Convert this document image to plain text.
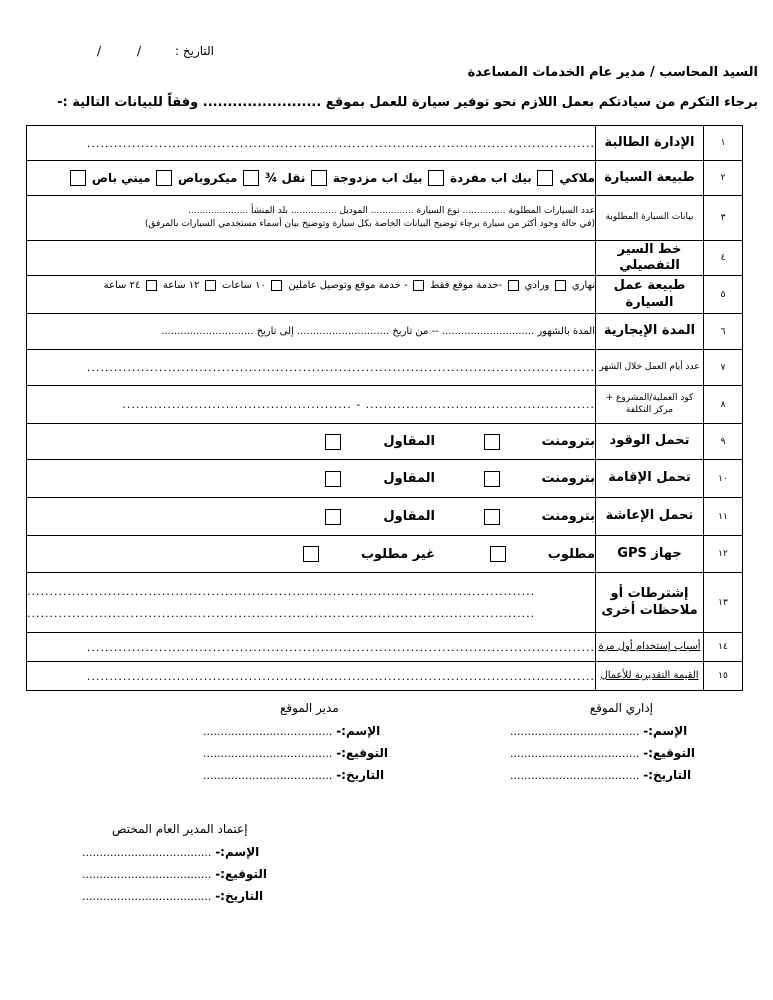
/	/	التاريخ :
السيد المحاسب / مدير عام الخدمات المساعدة
برجاء التكرم من سيادتكم بعمل اللازم نحو توفير سيارة للعمل بموقع ........................ وفقاً للبيانات التالية :-
١	الإدارة الطالبة	.................................................................................................................
٢	طبيعة السيارة	ملاكي بيك اب مفردة بيك اب مزدوجة نقل ¾ ميكروباص ميني باص
٣	بيانات السيارة المطلوبة	عدد السيارات المطلوبة ............... نوع السيارة ............... الموديل ................ بلد المنشأ .....................
(في حالة وجود أكثر من سيارة برجاء توضيح البيانات الخاصة بكل سيارة وتوضيح بيان أسماء مستخدمي السيارات بالمرفق)

٤	خط السير التفصيلي	
٥	طبيعة عمل السيارة	نهاري ورادي -خدمة موقع فقط - خدمة موقع وتوصيل عاملين ١٠ ساعات ١٢ ساعة ٢٤ ساعة
٦	المدة الإيجارية	المدة بالشهور ............................. -- من تاريخ ............................. إلى تاريخ .............................
٧	عدد أيام العمل خلال الشهر	.................................................................................................................
٨	كود العملية/المشروع + مركز التكلفة	................................................... - ...................................................
٩	تحمل الوقود	بترومنت
المقاول

١٠	تحمل الإقامة	بترومنت
المقاول

١١	تحمل الإعاشة	بترومنت
المقاول

١٢	جهاز GPS	مطلوب
غير مطلوب

١٣	إشترطات أو ملاحظات أخرى	.................................................................................................................
.................................................................................................................

١٤	أسباب إستخدام أول مرة	.................................................................................................................
١٥	القيمة التقديرية للأعمال	.................................................................................................................
إداري الموقع
مدير الموقع
..................................... الإسم:-
..................................... التوقيع:-
..................................... التاريخ:-
..................................... الإسم:-
..................................... التوقيع:-
..................................... التاريخ:-
إعتماد المدير العام المختص
..................................... الإسم:-
..................................... التوقيع:-
..................................... التاريخ:-
